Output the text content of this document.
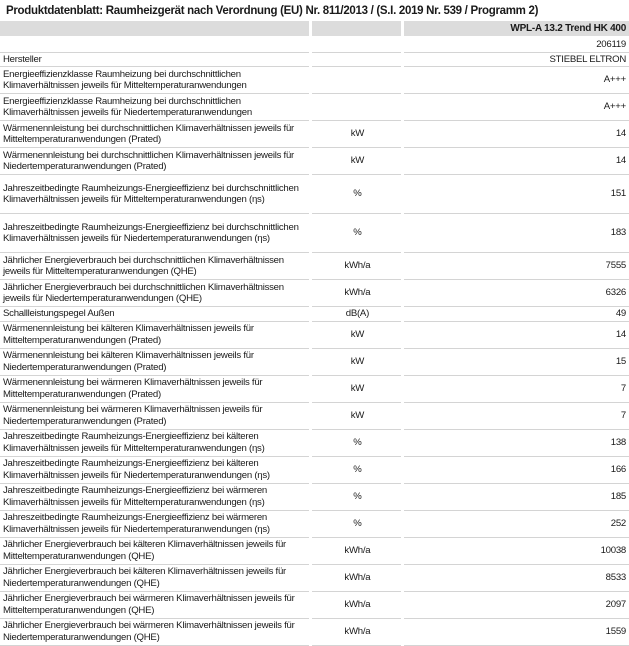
Produktdatenblatt: Raumheizgerät nach Verordnung (EU) Nr. 811/2013 / (S.I. 2019 Nr. 539 / Programm 2)
		WPL-A 13.2 Trend HK 400
		206119
Hersteller		STIEBEL ELTRON
Energieeffizienzklasse Raumheizung bei durchschnittlichen Klimaverhältnissen jeweils für Mitteltemperaturanwendungen		A+++
Energieeffizienzklasse Raumheizung bei durchschnittlichen Klimaverhältnissen jeweils für Niedertemperaturanwendungen		A+++
Wärmenennleistung bei durchschnittlichen Klimaverhältnissen jeweils für Mitteltemperaturanwendungen (Prated)	kW	14
Wärmenennleistung bei durchschnittlichen Klimaverhältnissen jeweils für Niedertemperaturanwendungen (Prated)	kW	14
Jahreszeitbedingte Raumheizungs-Energieeffizienz bei durchschnittlichen Klimaverhältnissen jeweils für Mitteltemperaturanwendungen (ηs)	%	151
Jahreszeitbedingte Raumheizungs-Energieeffizienz bei durchschnittlichen Klimaverhältnissen jeweils für Niedertemperaturanwendungen (ηs)	%	183
Jährlicher Energieverbrauch bei durchschnittlichen Klimaverhältnissen jeweils für Mitteltemperaturanwendungen (QHE)	kWh/a	7555
Jährlicher Energieverbrauch bei durchschnittlichen Klimaverhältnissen jeweils für Niedertemperaturanwendungen (QHE)	kWh/a	6326
Schallleistungspegel Außen	dB(A)	49
Wärmenennleistung bei kälteren Klimaverhältnissen jeweils für Mitteltemperaturanwendungen (Prated)	kW	14
Wärmenennleistung bei kälteren Klimaverhältnissen jeweils für Niedertemperaturanwendungen (Prated)	kW	15
Wärmenennleistung bei wärmeren Klimaverhältnissen jeweils für Mitteltemperaturanwendungen (Prated)	kW	7
Wärmenennleistung bei wärmeren Klimaverhältnissen jeweils für Niedertemperaturanwendungen (Prated)	kW	7
Jahreszeitbedingte Raumheizungs-Energieeffizienz bei kälteren Klimaverhältnissen jeweils für Mitteltemperaturanwendungen (ηs)	%	138
Jahreszeitbedingte Raumheizungs-Energieeffizienz bei kälteren Klimaverhältnissen jeweils für Niedertemperaturanwendungen (ηs)	%	166
Jahreszeitbedingte Raumheizungs-Energieeffizienz bei wärmeren Klimaverhältnissen jeweils für Mitteltemperaturanwendungen (ηs)	%	185
Jahreszeitbedingte Raumheizungs-Energieeffizienz bei wärmeren Klimaverhältnissen jeweils für Niedertemperaturanwendungen (ηs)	%	252
Jährlicher Energieverbrauch bei kälteren Klimaverhältnissen jeweils für Mitteltemperaturanwendungen (QHE)	kWh/a	10038
Jährlicher Energieverbrauch bei kälteren Klimaverhältnissen jeweils für Niedertemperaturanwendungen (QHE)	kWh/a	8533
Jährlicher Energieverbrauch bei wärmeren Klimaverhältnissen jeweils für Mitteltemperaturanwendungen (QHE)	kWh/a	2097
Jährlicher Energieverbrauch bei wärmeren Klimaverhältnissen jeweils für Niedertemperaturanwendungen (QHE)	kWh/a	1559
